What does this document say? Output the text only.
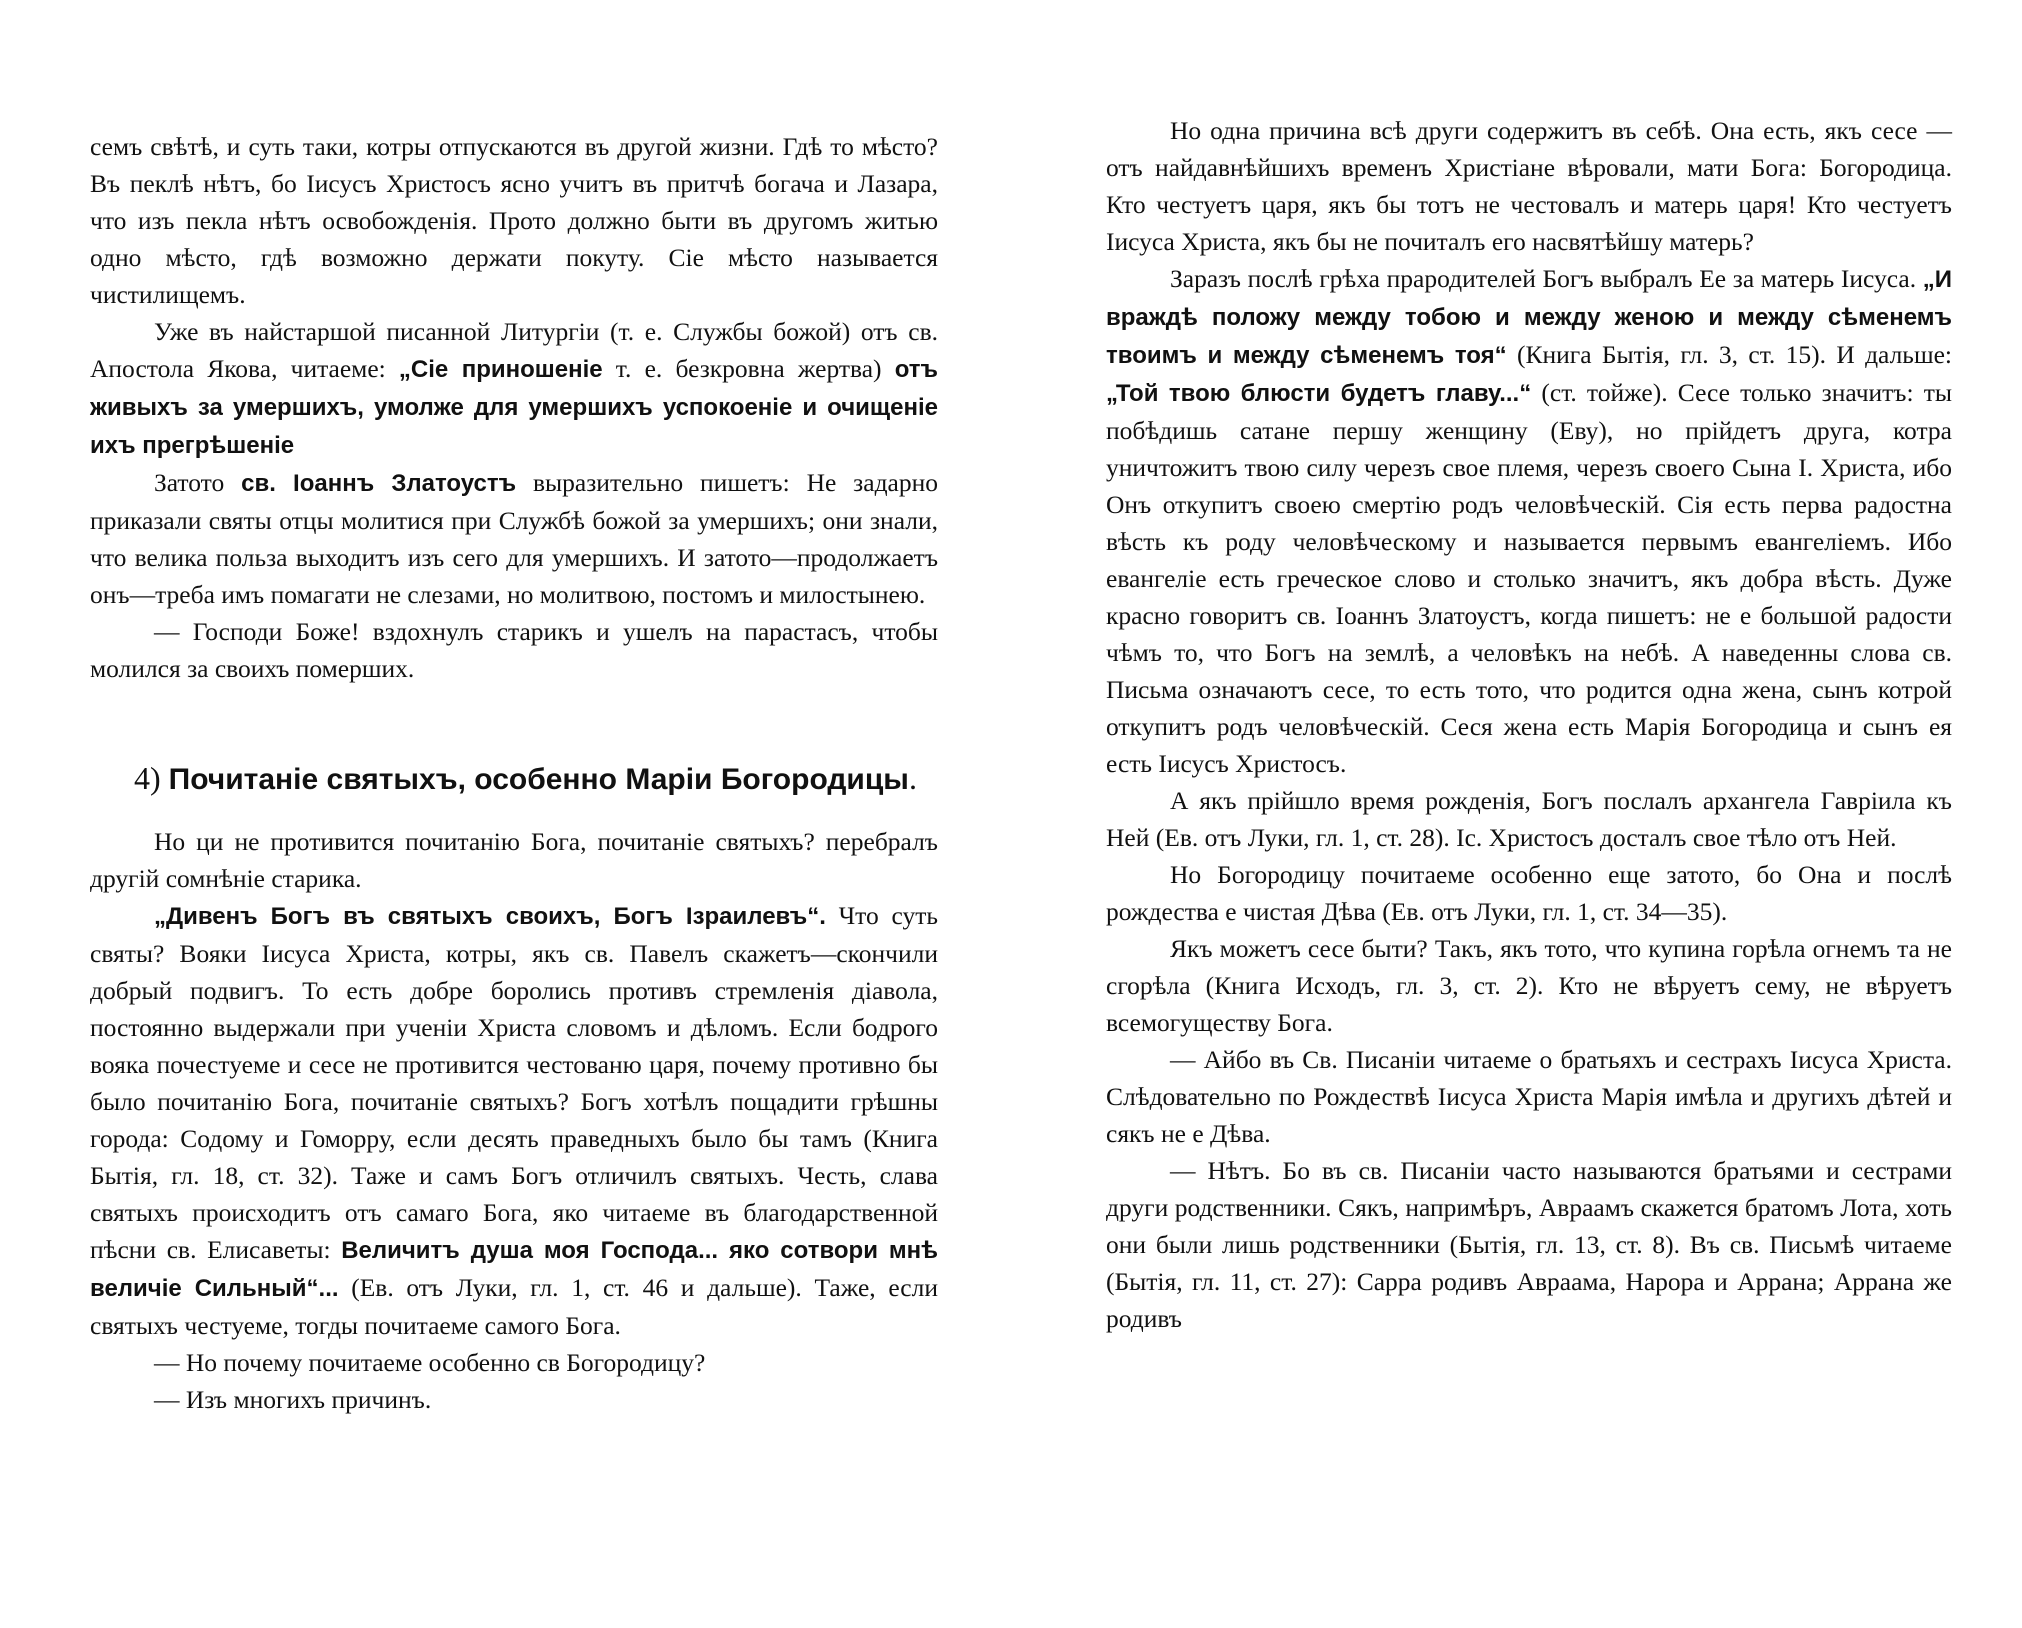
семъ свѣтѣ, и суть таки, котры отпускаются въ другой жизни. Гдѣ то мѣсто? Въ пеклѣ нѣтъ, бо Іисусъ Христосъ ясно учитъ въ притчѣ богача и Лазара, что изъ пекла нѣтъ освобожденія. Прото должно быти въ другомъ житью одно мѣсто, гдѣ возможно держати покуту. Сіе мѣсто называется чистилищемъ.

Уже въ найстаршой писанной Литургіи (т. е. Службы божой) отъ св. Апостола Якова, читаеме: „Сіе приношеніе т. е. безкровна жертва) отъ живыхъ за умершихъ, умолже для умершихъ успокоеніе и очищеніе ихъ прегрѣшеніе

Затото св. Іоаннъ Златоустъ выразительно пишетъ: Не задарно приказали святы отцы молитися при Службѣ божой за умершихъ; они знали, что велика польза выходитъ изъ сего для умершихъ. И затото—продолжаетъ онъ—треба имъ помагати не слезами, но молитвою, постомъ и милостынею.

— Господи Боже! вздохнулъ старикъ и ушелъ на парастасъ, чтобы молился за своихъ померших.

4) Почитаніе святыхъ, особенно Маріи Богородицы.

Но ци не противится почитанію Бога, почитаніе святыхъ? перебралъ другій сомнѣніе старика.

„Дивенъ Богъ въ святыхъ своихъ, Богъ Ізраилевъ“. Что суть святы? Вояки Іисуса Христа, котры, якъ св. Павелъ скажетъ—скончили добрый подвигъ. То есть добре боролись противъ стремленія діавола, постоянно выдержали при ученіи Христа словомъ и дѣломъ. Если бодрого вояка почестуеме и сесе не противится честованю царя, почему противно бы было почитанію Бога, почитаніе святыхъ? Богъ хотѣлъ пощадити грѣшны города: Содому и Гоморру, если десять праведныхъ было бы тамъ (Книга Бытія, гл. 18, ст. 32). Таже и самъ Богъ отличилъ святыхъ. Честь, слава святыхъ происходитъ отъ самаго Бога, яко читаеме въ благодарственной пѣсни св. Елисаветы: Величитъ душа моя Господа... яко сотвори мнѣ величіе Сильный“... (Ев. отъ Луки, гл. 1, ст. 46 и дальше). Таже, если святыхъ честуеме, тогды почитаеме самого Бога.

— Но почему почитаеме особенно св Богородицу?

— Изъ многихъ причинъ.

Но одна причина всѣ други содержитъ въ себѣ. Она есть, якъ сесе — отъ найдавнѣйшихъ временъ Христіане вѣровали, мати Бога: Богородица. Кто честуетъ царя, якъ бы тотъ не честовалъ и матерь царя! Кто честуетъ Іисуса Христа, якъ бы не почиталъ его насвятѣйшу матерь?

Заразъ послѣ грѣха прародителей Богъ выбралъ Ее за матерь Іисуса. „И враждѣ положу между тобою и между женою и между сѣменемъ твоимъ и между сѣменемъ тоя“ (Книга Бытія, гл. 3, ст. 15). И дальше: „Той твою блюсти будетъ главу...“ (ст. тойже). Сесе только значитъ: ты побѣдишь сатане першу женщину (Еву), но прійдетъ друга, котра уничтожитъ твою силу черезъ свое племя, черезъ своего Сына І. Христа, ибо Онъ откупитъ своею смертію родъ человѣческій. Сія есть перва радостна вѣсть къ роду человѣческому и называется первымъ евангеліемъ. Ибо евангеліе есть греческое слово и столько значитъ, якъ добра вѣсть. Дуже красно говоритъ св. Іоаннъ Златоустъ, когда пишетъ: не е большой радости чѣмъ то, что Богъ на землѣ, а человѣкъ на небѣ. А наведенны слова св. Письма означаютъ сесе, то есть тото, что родится одна жена, сынъ котрой откупитъ родъ человѣческій. Сеся жена есть Марія Богородица и сынъ ея есть Іисусъ Христосъ.

А якъ прійшло время рожденія, Богъ послалъ архангела Гавріила къ Ней (Ев. отъ Луки, гл. 1, ст. 28). Іс. Христосъ досталъ свое тѣло отъ Ней.

Но Богородицу почитаеме особенно еще затото, бо Она и послѣ рождества е чистая Дѣва (Ев. отъ Луки, гл. 1, ст. 34—35).

Якъ можетъ сесе быти? Такъ, якъ тото, что купина горѣла огнемъ та не сгорѣла (Книга Исходъ, гл. 3, ст. 2). Кто не вѣруетъ сему, не вѣруетъ всемогуществу Бога.

— Айбо въ Св. Писаніи читаеме о братьяхъ и сестрахъ Іисуса Христа. Слѣдовательно по Рождествѣ Іисуса Христа Марія имѣла и другихъ дѣтей и сякъ не е Дѣва.

— Нѣтъ. Бо въ св. Писаніи часто называются братьями и сестрами други родственники. Сякъ, напримѣръ, Авраамъ скажется братомъ Лота, хоть они были лишь родственники (Бытія, гл. 13, ст. 8). Въ св. Письмѣ читаеме (Бытія, гл. 11, ст. 27): Сарра родивъ Авраама, Нарора и Аррана; Аррана же родивъ
